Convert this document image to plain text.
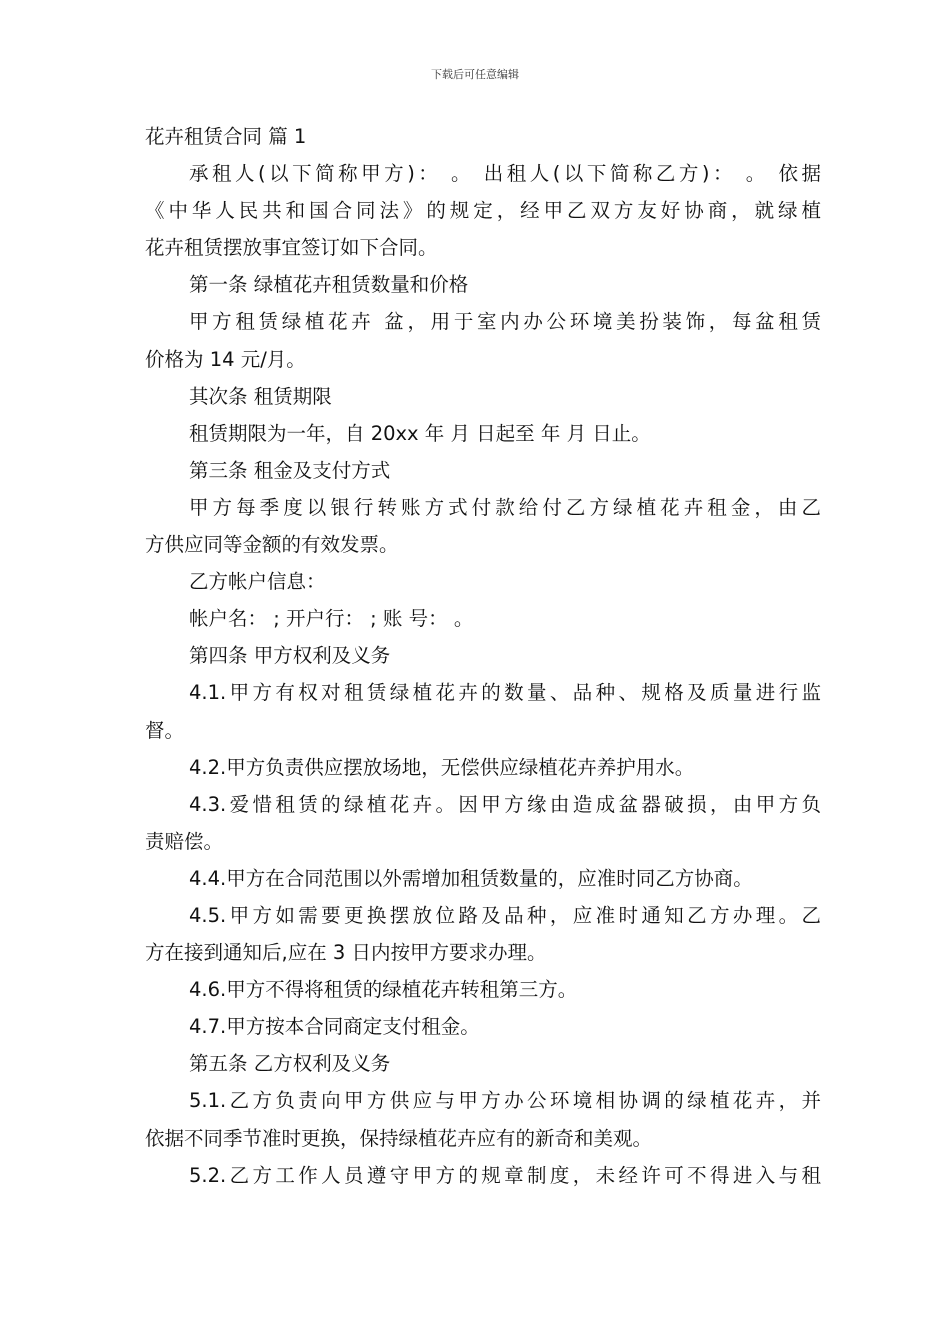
下载后可任意编辑

花卉租赁合同 篇 1

承租人(以下简称甲方)： 。 出租人(以下简称乙方)： 。 依据

《中华人民共和国合同法》的规定，经甲乙双方友好协商，就绿植

花卉租赁摆放事宜签订如下合同。

第一条 绿植花卉租赁数量和价格

甲方租赁绿植花卉 盆，用于室内办公环境美扮装饰，每盆租赁

价格为 14 元/月。

其次条 租赁期限

租赁期限为一年，自 20xx 年 月 日起至 年 月 日止。

第三条 租金及支付方式

甲方每季度以银行转账方式付款给付乙方绿植花卉租金，由乙

方供应同等金额的有效发票。

乙方帐户信息：

帐户名： ; 开户行： ; 账 号： 。

第四条 甲方权利及义务

4.1.甲方有权对租赁绿植花卉的数量、品种、规格及质量进行监

督。

4.2.甲方负责供应摆放场地，无偿供应绿植花卉养护用水。

4.3.爱惜租赁的绿植花卉。因甲方缘由造成盆器破损，由甲方负

责赔偿。

4.4.甲方在合同范围以外需增加租赁数量的，应准时同乙方协商。

4.5.甲方如需要更换摆放位路及品种，应准时通知乙方办理。乙

方在接到通知后,应在 3 日内按甲方要求办理。

4.6.甲方不得将租赁的绿植花卉转租第三方。

4.7.甲方按本合同商定支付租金。

第五条 乙方权利及义务

5.1.乙方负责向甲方供应与甲方办公环境相协调的绿植花卉，并

依据不同季节准时更换，保持绿植花卉应有的新奇和美观。

5.2.乙方工作人员遵守甲方的规章制度，未经许可不得进入与租
